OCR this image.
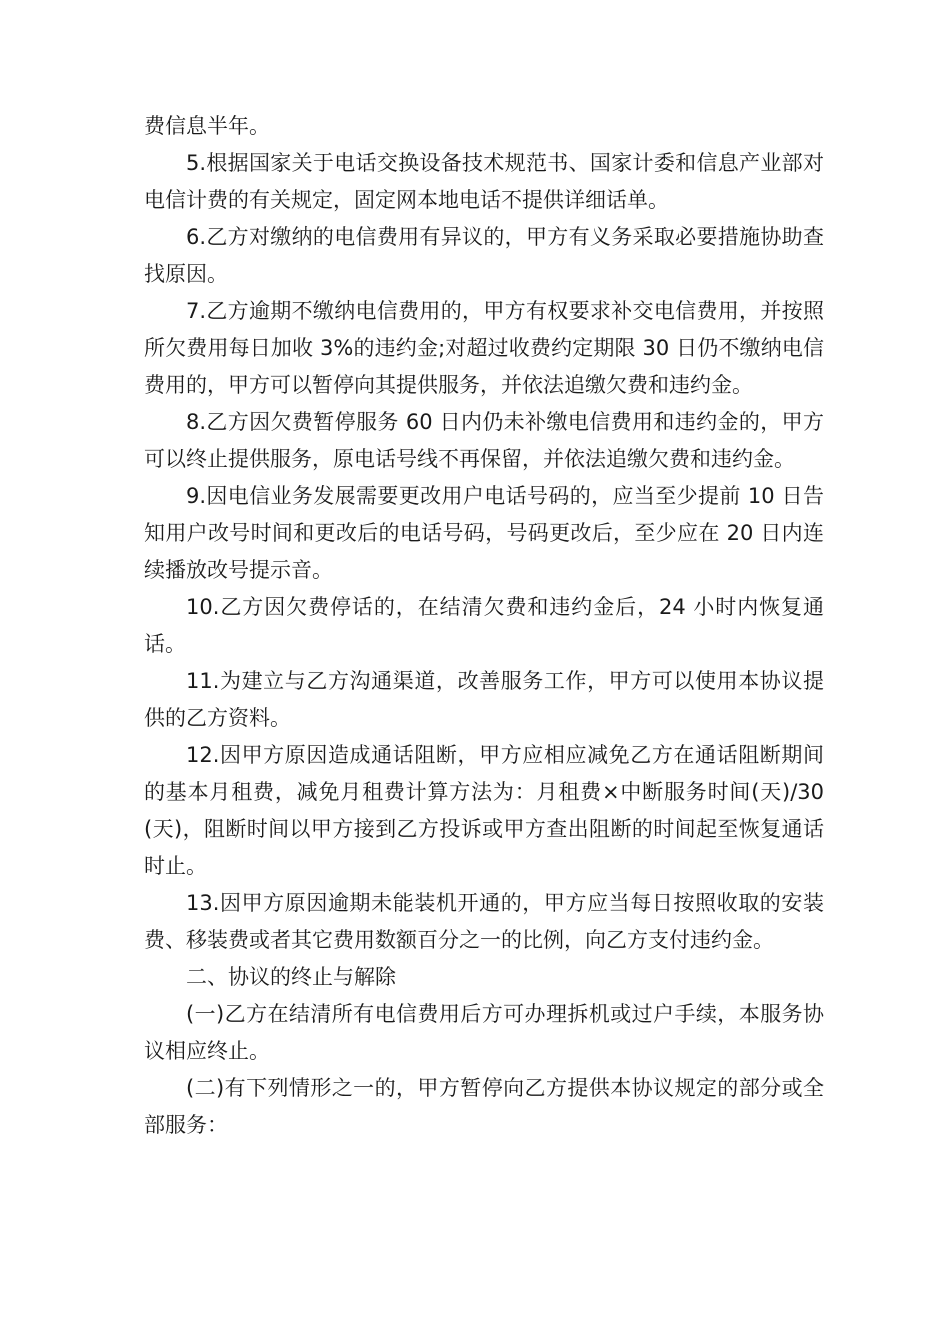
费信息半年。

5.根据国家关于电话交换设备技术规范书、国家计委和信息产业部对电信计费的有关规定，固定网本地电话不提供详细话单。

6.乙方对缴纳的电信费用有异议的，甲方有义务采取必要措施协助查找原因。

7.乙方逾期不缴纳电信费用的，甲方有权要求补交电信费用，并按照所欠费用每日加收 3%的违约金;对超过收费约定期限 30 日仍不缴纳电信费用的，甲方可以暂停向其提供服务，并依法追缴欠费和违约金。

8.乙方因欠费暂停服务 60 日内仍未补缴电信费用和违约金的，甲方可以终止提供服务，原电话号线不再保留，并依法追缴欠费和违约金。

9.因电信业务发展需要更改用户电话号码的，应当至少提前 10 日告知用户改号时间和更改后的电话号码，号码更改后，至少应在 20 日内连续播放改号提示音。

10.乙方因欠费停话的，在结清欠费和违约金后，24 小时内恢复通话。

11.为建立与乙方沟通渠道，改善服务工作，甲方可以使用本协议提供的乙方资料。

12.因甲方原因造成通话阻断，甲方应相应减免乙方在通话阻断期间的基本月租费，减免月租费计算方法为：月租费×中断服务时间(天)/30(天)，阻断时间以甲方接到乙方投诉或甲方查出阻断的时间起至恢复通话时止。

13.因甲方原因逾期未能装机开通的，甲方应当每日按照收取的安装费、移装费或者其它费用数额百分之一的比例，向乙方支付违约金。

二、协议的终止与解除

(一)乙方在结清所有电信费用后方可办理拆机或过户手续，本服务协议相应终止。

(二)有下列情形之一的，甲方暂停向乙方提供本协议规定的部分或全部服务：
